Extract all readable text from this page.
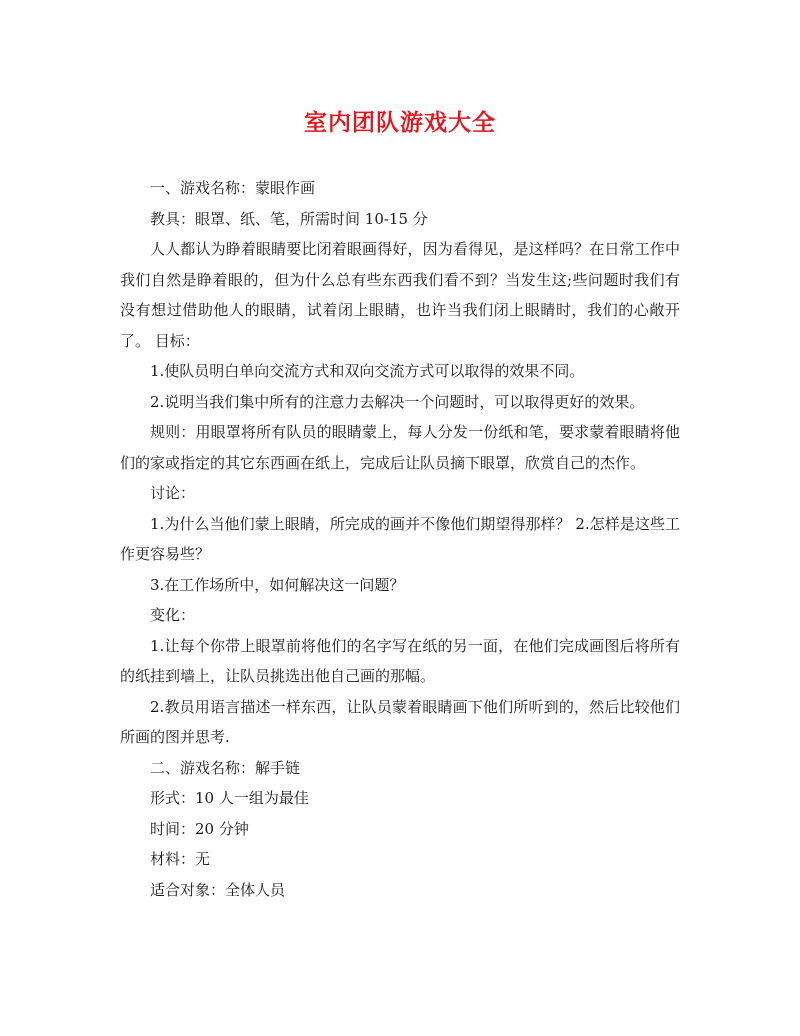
室内团队游戏大全

一、游戏名称：蒙眼作画

教具：眼罩、纸、笔，所需时间 10-15 分

人人都认为睁着眼睛要比闭着眼画得好，因为看得见，是这样吗？在日常工作中我们自然是睁着眼的，但为什么总有些东西我们看不到？当发生这;些问题时我们有没有想过借助他人的眼睛，试着闭上眼睛，也许当我们闭上眼睛时，我们的心敞开了。 目标：

1.使队员明白单向交流方式和双向交流方式可以取得的效果不同。

2.说明当我们集中所有的注意力去解决一个问题时，可以取得更好的效果。

规则：用眼罩将所有队员的眼睛蒙上，每人分发一份纸和笔，要求蒙着眼睛将他们的家或指定的其它东西画在纸上，完成后让队员摘下眼罩，欣赏自己的杰作。

讨论：

1.为什么当他们蒙上眼睛，所完成的画并不像他们期望得那样？ 2.怎样是这些工作更容易些？

3.在工作场所中，如何解决这一问题？

变化：

1.让每个你带上眼罩前将他们的名字写在纸的另一面，在他们完成画图后将所有的纸挂到墙上，让队员挑选出他自己画的那幅。

2.教员用语言描述一样东西，让队员蒙着眼睛画下他们所听到的，然后比较他们所画的图并思考.

二、游戏名称：解手链

形式：10 人一组为最佳

时间：20 分钟

材料：无

适合对象：全体人员
